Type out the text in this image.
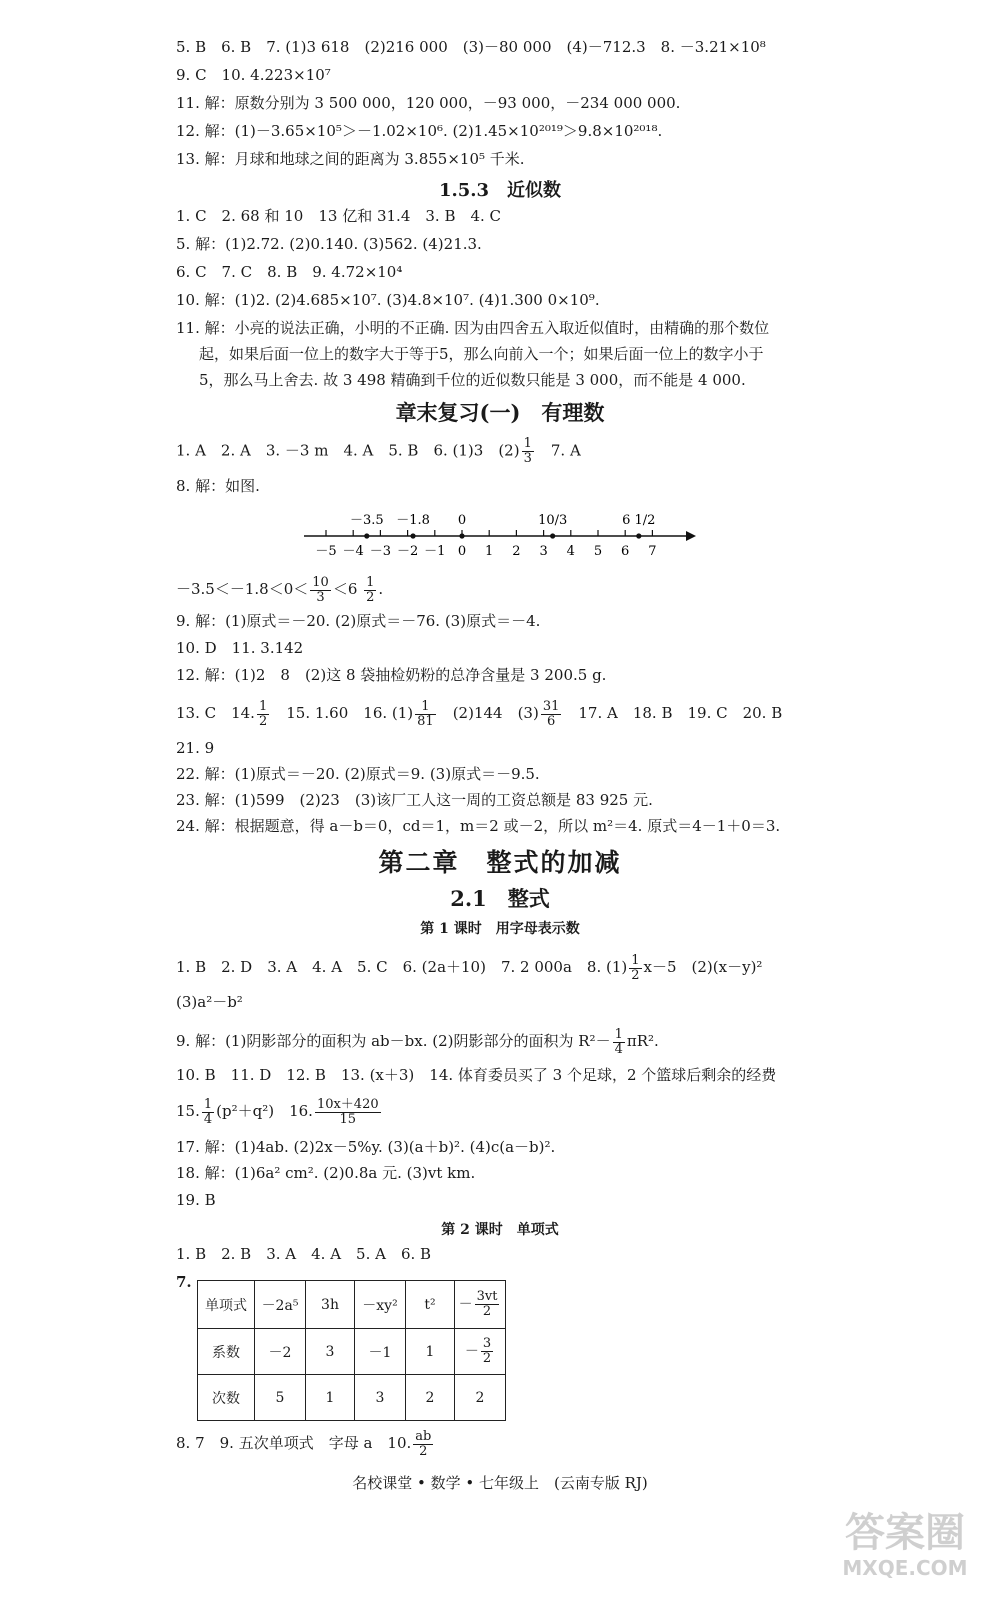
5. B　6. B　7. (1)3 618　(2)216 000　(3)－80 000　(4)－712.3　8. －3.21×10⁸
9. C　10. 4.223×10⁷
11. 解：原数分别为 3 500 000，120 000，－93 000，－234 000 000.
12. 解：(1)－3.65×10⁵＞－1.02×10⁶. (2)1.45×10²⁰¹⁹＞9.8×10²⁰¹⁸.
13. 解：月球和地球之间的距离为 3.855×10⁵ 千米.
1.5.3　近似数
1. C　2. 68 和 10　13 亿和 31.4　3. B　4. C
5. 解：(1)2.72. (2)0.140. (3)562. (4)21.3.
6. C　7. C　8. B　9. 4.72×10⁴
10. 解：(1)2. (2)4.685×10⁷. (3)4.8×10⁷. (4)1.300 0×10⁹.
11. 解：小亮的说法正确，小明的不正确. 因为由四舍五入取近似值时，由精确的那个数位
起，如果后面一位上的数字大于等于5，那么向前入一个；如果后面一位上的数字小于
5，那么马上舍去. 故 3 498 精确到千位的近似数只能是 3 000，而不能是 4 000.
章末复习(一)　有理数
1. A　2. A　3. －3 m　4. A　5. B　6. (1)3　$(2) \frac{1}{3}$ 　7. A
8. 解：如图.
－5 －4 －3 －2 －1 0 1 2 3 4 5 6 7
－3.5 －1.8 0	10/3	6 1/2
$-3.5<-1.8<0< \frac{10}{3} <6 \frac{1}{2}$ .
9. 解：(1)原式＝－20. (2)原式＝－76. (3)原式＝－4.
10. D　11. 3.142
12. 解：(1)2　8　(2)这 8 袋抽检奶粉的总净含量是 3 200.5 g.
13. C　14. $\frac{1}{2}$ 　15. 1.60　16. $(1) \frac{1}{81}$ 　(2)144　$(3) \frac{31}{6}$ 　17. A　18. B　19. C　20. B
21. 9
22. 解：(1)原式＝－20. (2)原式＝9. (3)原式＝－9.5.
23. 解：(1)599　(2)23　(3)该厂工人这一周的工资总额是 83 925 元.
24. 解：根据题意，得 a－b＝0，cd＝1，m＝2 或－2，所以 m²＝4. 原式＝4－1＋0＝3.
第二章　整式的加减
2.1　整式
第 1 课时　用字母表示数
1. B　2. D　3. A　4. A　5. C　6. (2a＋10)　7. 2 000a　8. $(1) \frac{1}{2} x-5$　(2)(x－y)²
(3)a²－b²
9. 解：(1)阴影部分的面积为 ab－bx. (2)阴影部分的面积为 $R^2- \frac{1}{4} \pi R^2$.
10. B　11. D　12. B　13. (x＋3)　14. 体育委员买了 3 个足球，2 个篮球后剩余的经费
15. $\frac{1}{4} (p^2+q^2)$　16. $\frac{10x+420}{15}$
17. 解：(1)4ab. (2)2x－5%y. (3)(a＋b)². (4)c(a－b)².
18. 解：(1)6a² cm². (2)0.8a 元. (3)vt km.
19. B
第 2 课时　单项式
1. B　2. B　3. A　4. A　5. A　6. B
7.
单项式	－2a⁵	3h	－xy²	t²	－ $\frac{3vt}{2}$

系数	－2	3	－1	1	－ $\frac{3}{2}$

次数	5	1	3	2	2
8. 7　9. 五次单项式　字母 a　10. $\frac{ab}{2}$
名校课堂 • 数学 • 七年级上　(云南专版 RJ)
答案圈
MXQE.COM
